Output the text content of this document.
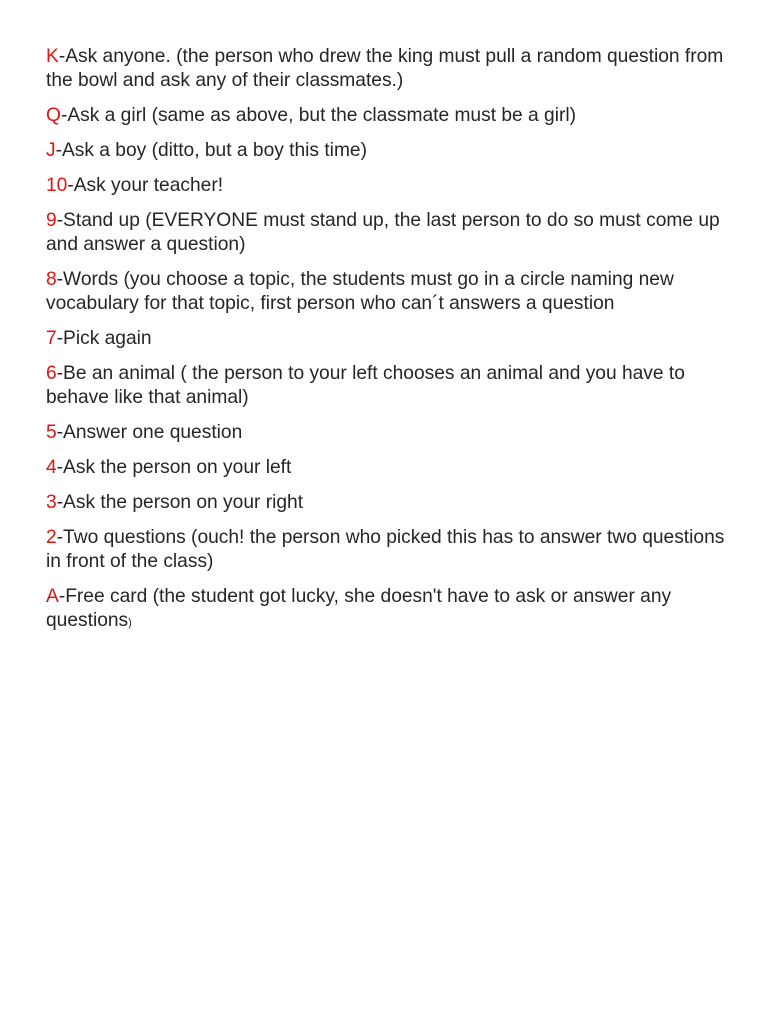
K-Ask anyone. (the person who drew the king must pull a random question from the bowl and ask any of their classmates.)

Q-Ask a girl (same as above, but the classmate must be a girl)

J-Ask a boy (ditto, but a boy this time)

10-Ask your teacher!

9-Stand up (EVERYONE must stand up, the last person to do so must come up and answer a question)

8-Words (you choose a topic, the students must go in a circle naming new vocabulary for that topic, first person who can´t answers a question

7-Pick again

6-Be an animal ( the person to your left chooses an animal and you have to behave like that animal)

5-Answer one question

4-Ask the person on your left

3-Ask the person on your right

2-Two questions (ouch! the person who picked this has to answer two questions in front of the class)

A-Free card (the student got lucky, she doesn't have to ask or answer any questions)
